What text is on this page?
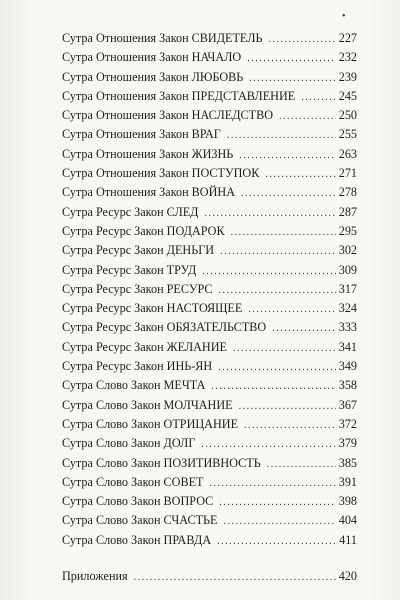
•
Сутра Отношения Закон СВИДЕТЕЛЬ .....	227
Сутра Отношения Закон НАЧАЛО .....	232
Сутра Отношения Закон ЛЮБОВЬ .....	239
Сутра Отношения Закон ПРЕДСТАВЛЕНИЕ .....	245
Сутра Отношения Закон НАСЛЕДСТВО .....	250
Сутра Отношения Закон ВРАГ .....	255
Сутра Отношения Закон ЖИЗНЬ .....	263
Сутра Отношения Закон ПОСТУПОК .....	271
Сутра Отношения Закон ВОЙНА .....	278
Сутра Ресурс Закон СЛЕД .....	287
Сутра Ресурс Закон ПОДАРОК .....	295
Сутра Ресурс Закон ДЕНЬГИ .....	302
Сутра Ресурс Закон ТРУД .....	309
Сутра Ресурс Закон РЕСУРС .....	317
Сутра Ресурс Закон НАСТОЯЩЕЕ .....	324
Сутра Ресурс Закон ОБЯЗАТЕЛЬСТВО .....	333
Сутра Ресурс Закон ЖЕЛАНИЕ .....	341
Сутра Ресурс Закон ИНЬ-ЯН .....	349
Сутра Слово Закон МЕЧТА .....	358
Сутра Слово Закон МОЛЧАНИЕ .....	367
Сутра Слово Закон ОТРИЦАНИЕ .....	372
Сутра Слово Закон ДОЛГ .....	379
Сутра Слово Закон ПОЗИТИВНОСТЬ .....	385
Сутра Слово Закон СОВЕТ .....	391
Сутра Слово Закон ВОПРОС .....	398
Сутра Слово Закон СЧАСТЬЕ .....	404
Сутра Слово Закон ПРАВДА .....	411
Приложения .....	420
